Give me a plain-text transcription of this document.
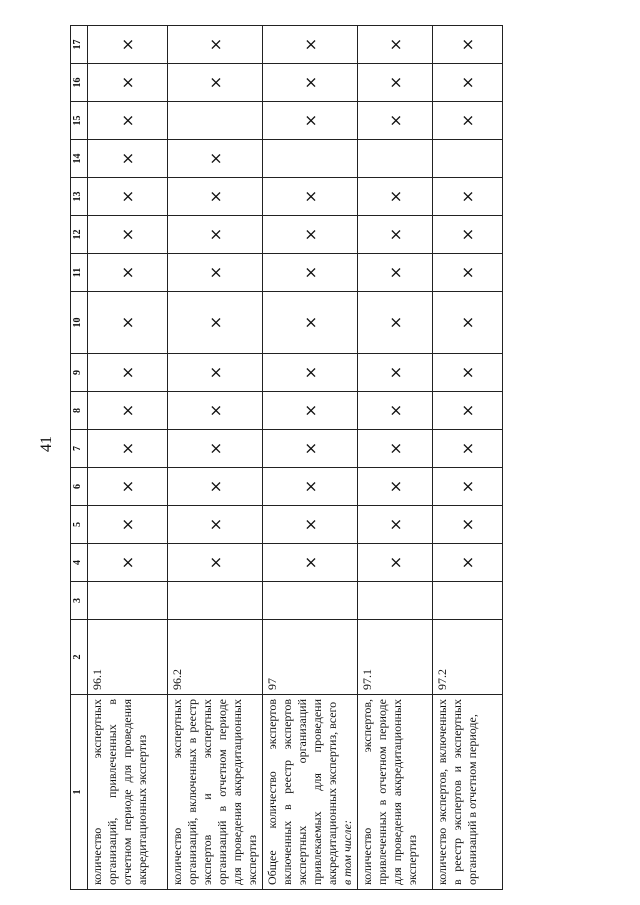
41
1	2	3	4	5	6	7	8	9	10	11	12	13	14	15	16	17
количество экспертных организаций, привлеченных в отчетном периоде для проведения аккредитационных экспертиз	96.1		×	×	×	×	×	×	×	×	×	×	×	×	×	×
количество экспертных организаций, включенных в реестр экспертов и экспертных организаций в отчетном периоде для проведения аккредитационных экспертиз	96.2		×	×	×	×	×	×	×	×	×	×	×		×	×
Общее количество экспертов включенных в реестр экспертов экспертных организаций привлекаемых для проведени аккредитационных экспертиз, всего в том числе:	97		×	×	×	×	×	×	×	×	×	×		×	×	×
количество экспертов, привлеченных в отчетном периоде для проведения аккредитационных экспертиз	97.1		×	×	×	×	×	×	×	×	×	×		×	×	×
количество экспертов, включенных в реестр экспертов и экспертных организаций в отчетном периоде,	97.2		×	×	×	×	×	×	×	×	×	×		×	×	×
